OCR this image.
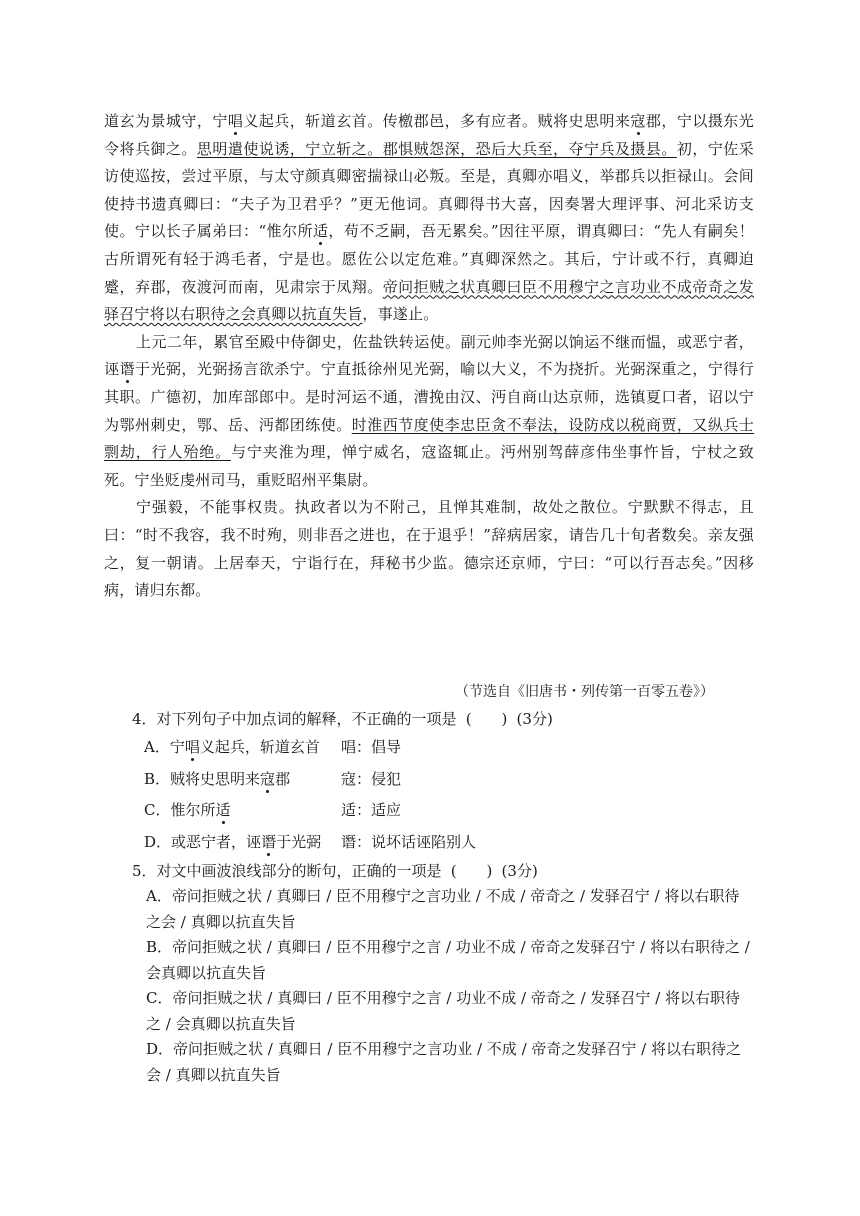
道玄为景城守，宁唱义起兵，斩道玄首。传檄郡邑，多有应者。贼将史思明来寇郡，宁以摄东光令将兵御之。思明遣使说诱，宁立斩之。郡惧贼怨深，恐后大兵至，夺宁兵及摄县。初，宁佐采访使巡按，尝过平原，与太守颜真卿密揣禄山必叛。至是，真卿亦唱义，举郡兵以拒禄山。会间使持书遗真卿曰：“夫子为卫君乎？”更无他词。真卿得书大喜，因奏署大理评事、河北采访支使。宁以长子属弟曰：“惟尔所适，苟不乏嗣，吾无累矣。”因往平原，谓真卿曰：“先人有嗣矣！古所谓死有轻于鸿毛者，宁是也。愿佐公以定危难。”真卿深然之。其后，宁计或不行，真卿迫蹙，弃郡，夜渡河而南，见肃宗于凤翔。帝问拒贼之状真卿曰臣不用穆宁之言功业不成帝奇之发驿召宁将以右职待之会真卿以抗直失旨，事遂止。

上元二年，累官至殿中侍御史，佐盐铁转运使。副元帅李光弼以饷运不继而愠，或恶宁者，诬谮于光弼，光弼扬言欲杀宁。宁直抵徐州见光弼，喻以大义，不为挠折。光弼深重之，宁得行其职。广德初，加库部郎中。是时河运不通，漕挽由汉、沔自商山达京师，选镇夏口者，诏以宁为鄂州刺史，鄂、岳、沔都团练使。时淮西节度使李忠臣贪不奉法，设防戍以税商贾，又纵兵士剽劫，行人殆绝。与宁夹淮为理，惮宁威名，寇盗辄止。沔州别驾薛彦伟坐事忤旨，宁杖之致死。宁坐贬虔州司马，重贬昭州平集尉。

宁强毅，不能事权贵。执政者以为不附己，且惮其难制，故处之散位。宁默默不得志，且曰：“时不我容，我不时殉，则非吾之进也，在于退乎！”辞病居家，请告几十旬者数矣。亲友强之，复一朝请。上居奉天，宁诣行在，拜秘书少监。德宗还京师，宁曰：“可以行吾志矣。”因移病，请归东都。

（节选自《旧唐书・列传第一百零五卷》）

4．对下列句子中加点词的解释，不正确的一项是 (　　) (3分)

A．宁唱义起兵，斩道玄首	唱：倡导
B．贼将史思明来寇郡	寇：侵犯
C．惟尔所适	适：适应
D．或恶宁者，诬谮于光弼	谮：说坏话诬陷别人

5．对文中画波浪线部分的断句，正确的一项是 (　　) (3分)

A．帝问拒贼之状 / 真卿曰 / 臣不用穆宁之言功业 / 不成 / 帝奇之 / 发驿召宁 / 将以右职待之会 / 真卿以抗直失旨

B．帝问拒贼之状 / 真卿曰 / 臣不用穆宁之言 / 功业不成 / 帝奇之发驿召宁 / 将以右职待之 / 会真卿以抗直失旨

C．帝问拒贼之状 / 真卿曰 / 臣不用穆宁之言 / 功业不成 / 帝奇之 / 发驿召宁 / 将以右职待之 / 会真卿以抗直失旨

D．帝问拒贼之状 / 真卿日 / 臣不用穆宁之言功业 / 不成 / 帝奇之发驿召宁 / 将以右职待之会 / 真卿以抗直失旨
